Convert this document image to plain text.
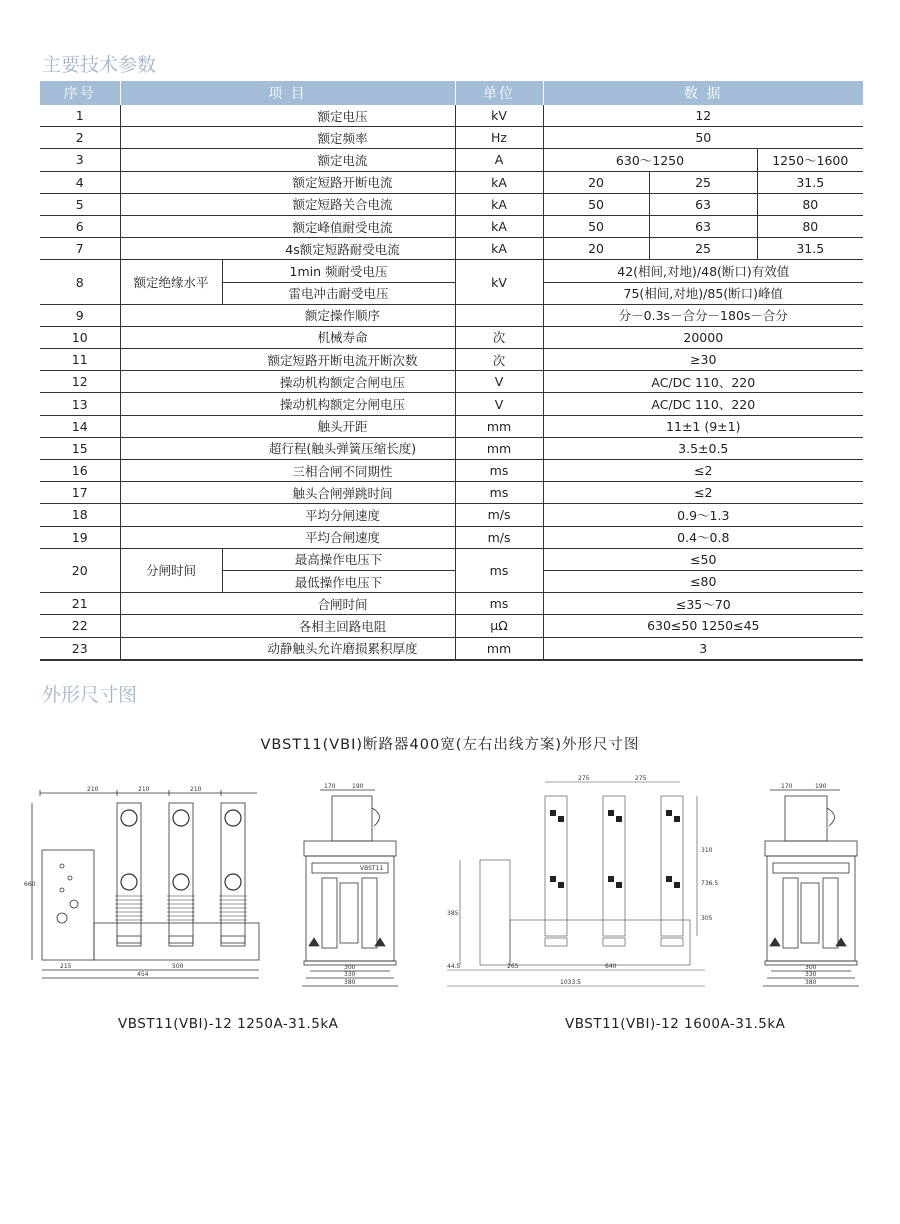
主要技术参数
序号	项 目		单位	数 据		
1	额定电压		kV	12		
2	额定频率		Hz	50		
3	额定电流		A	630～1250		1250～1600
4	额定短路开断电流		kA	20	25	31.5
5	额定短路关合电流		kA	50	63	80
6	额定峰值耐受电流		kA	50	63	80
7	4s额定短路耐受电流		kA	20	25	31.5
8	额定绝缘水平	1min 频耐受电压	kV	42(相间,对地)/48(断口)有效值		
		雷电冲击耐受电压		75(相间,对地)/85(断口)峰值		
9	额定操作顺序			分－0.3s－合分－180s－合分		
10	机械寿命		次	20000		
11	额定短路开断电流开断次数		次	≥30		
12	操动机构额定合闸电压		V	AC/DC 110、220		
13	操动机构额定分闸电压		V	AC/DC 110、220		
14	触头开距		mm	11±1 (9±1)		
15	超行程(触头弹簧压缩长度)		mm	3.5±0.5		
16	三相合闸不同期性		ms	≤2		
17	触头合闸弹跳时间		ms	≤2		
18	平均分闸速度		m/s	0.9～1.3		
19	平均合闸速度		m/s	0.4～0.8		
20	分闸时间	最高操作电压下	ms	≤50		
		最低操作电压下		≤80		
21	合闸时间		ms	≤35～70		
22	各相主回路电阻		μΩ	630≤50 1250≤45		
23	动静触头允许磨损累积厚度		mm	3		
外形尺寸图
VBST11(VBI)断路器400宽(左右出线方案)外形尺寸图
210	210	210
660
500
454
215
170	190
VBST11
300
330
380
275	275
310
736.5
305
385
44.5	265	640
1033.5
170	190
300
330
380
VBST11(VBI)-12 1250A-31.5kA	VBST11(VBI)-12 1600A-31.5kA
